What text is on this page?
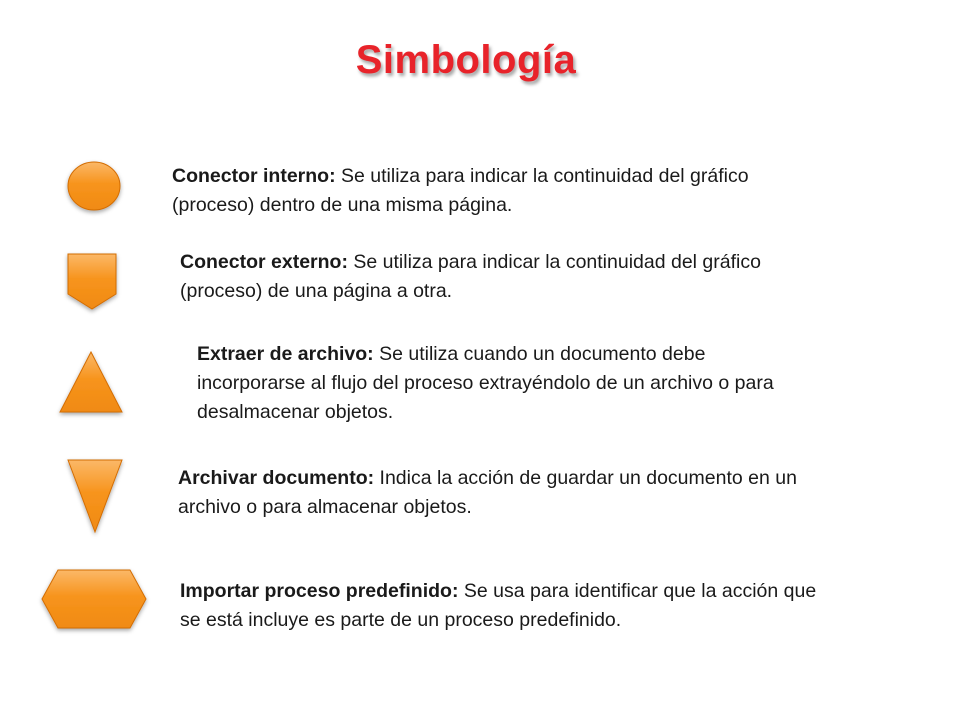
Simbología

Conector interno: Se utiliza para indicar la continuidad del gráfico (proceso) dentro de una misma página.

Conector externo: Se utiliza para indicar la continuidad del gráfico (proceso) de una página a otra.

Extraer de archivo: Se utiliza cuando un documento debe incorporarse al flujo del proceso extrayéndolo de un archivo o para desalmacenar objetos.

Archivar documento: Indica la acción de guardar un documento en un archivo o para almacenar objetos.

Importar proceso predefinido: Se usa para identificar que la acción que se está incluye es parte de un proceso predefinido.
